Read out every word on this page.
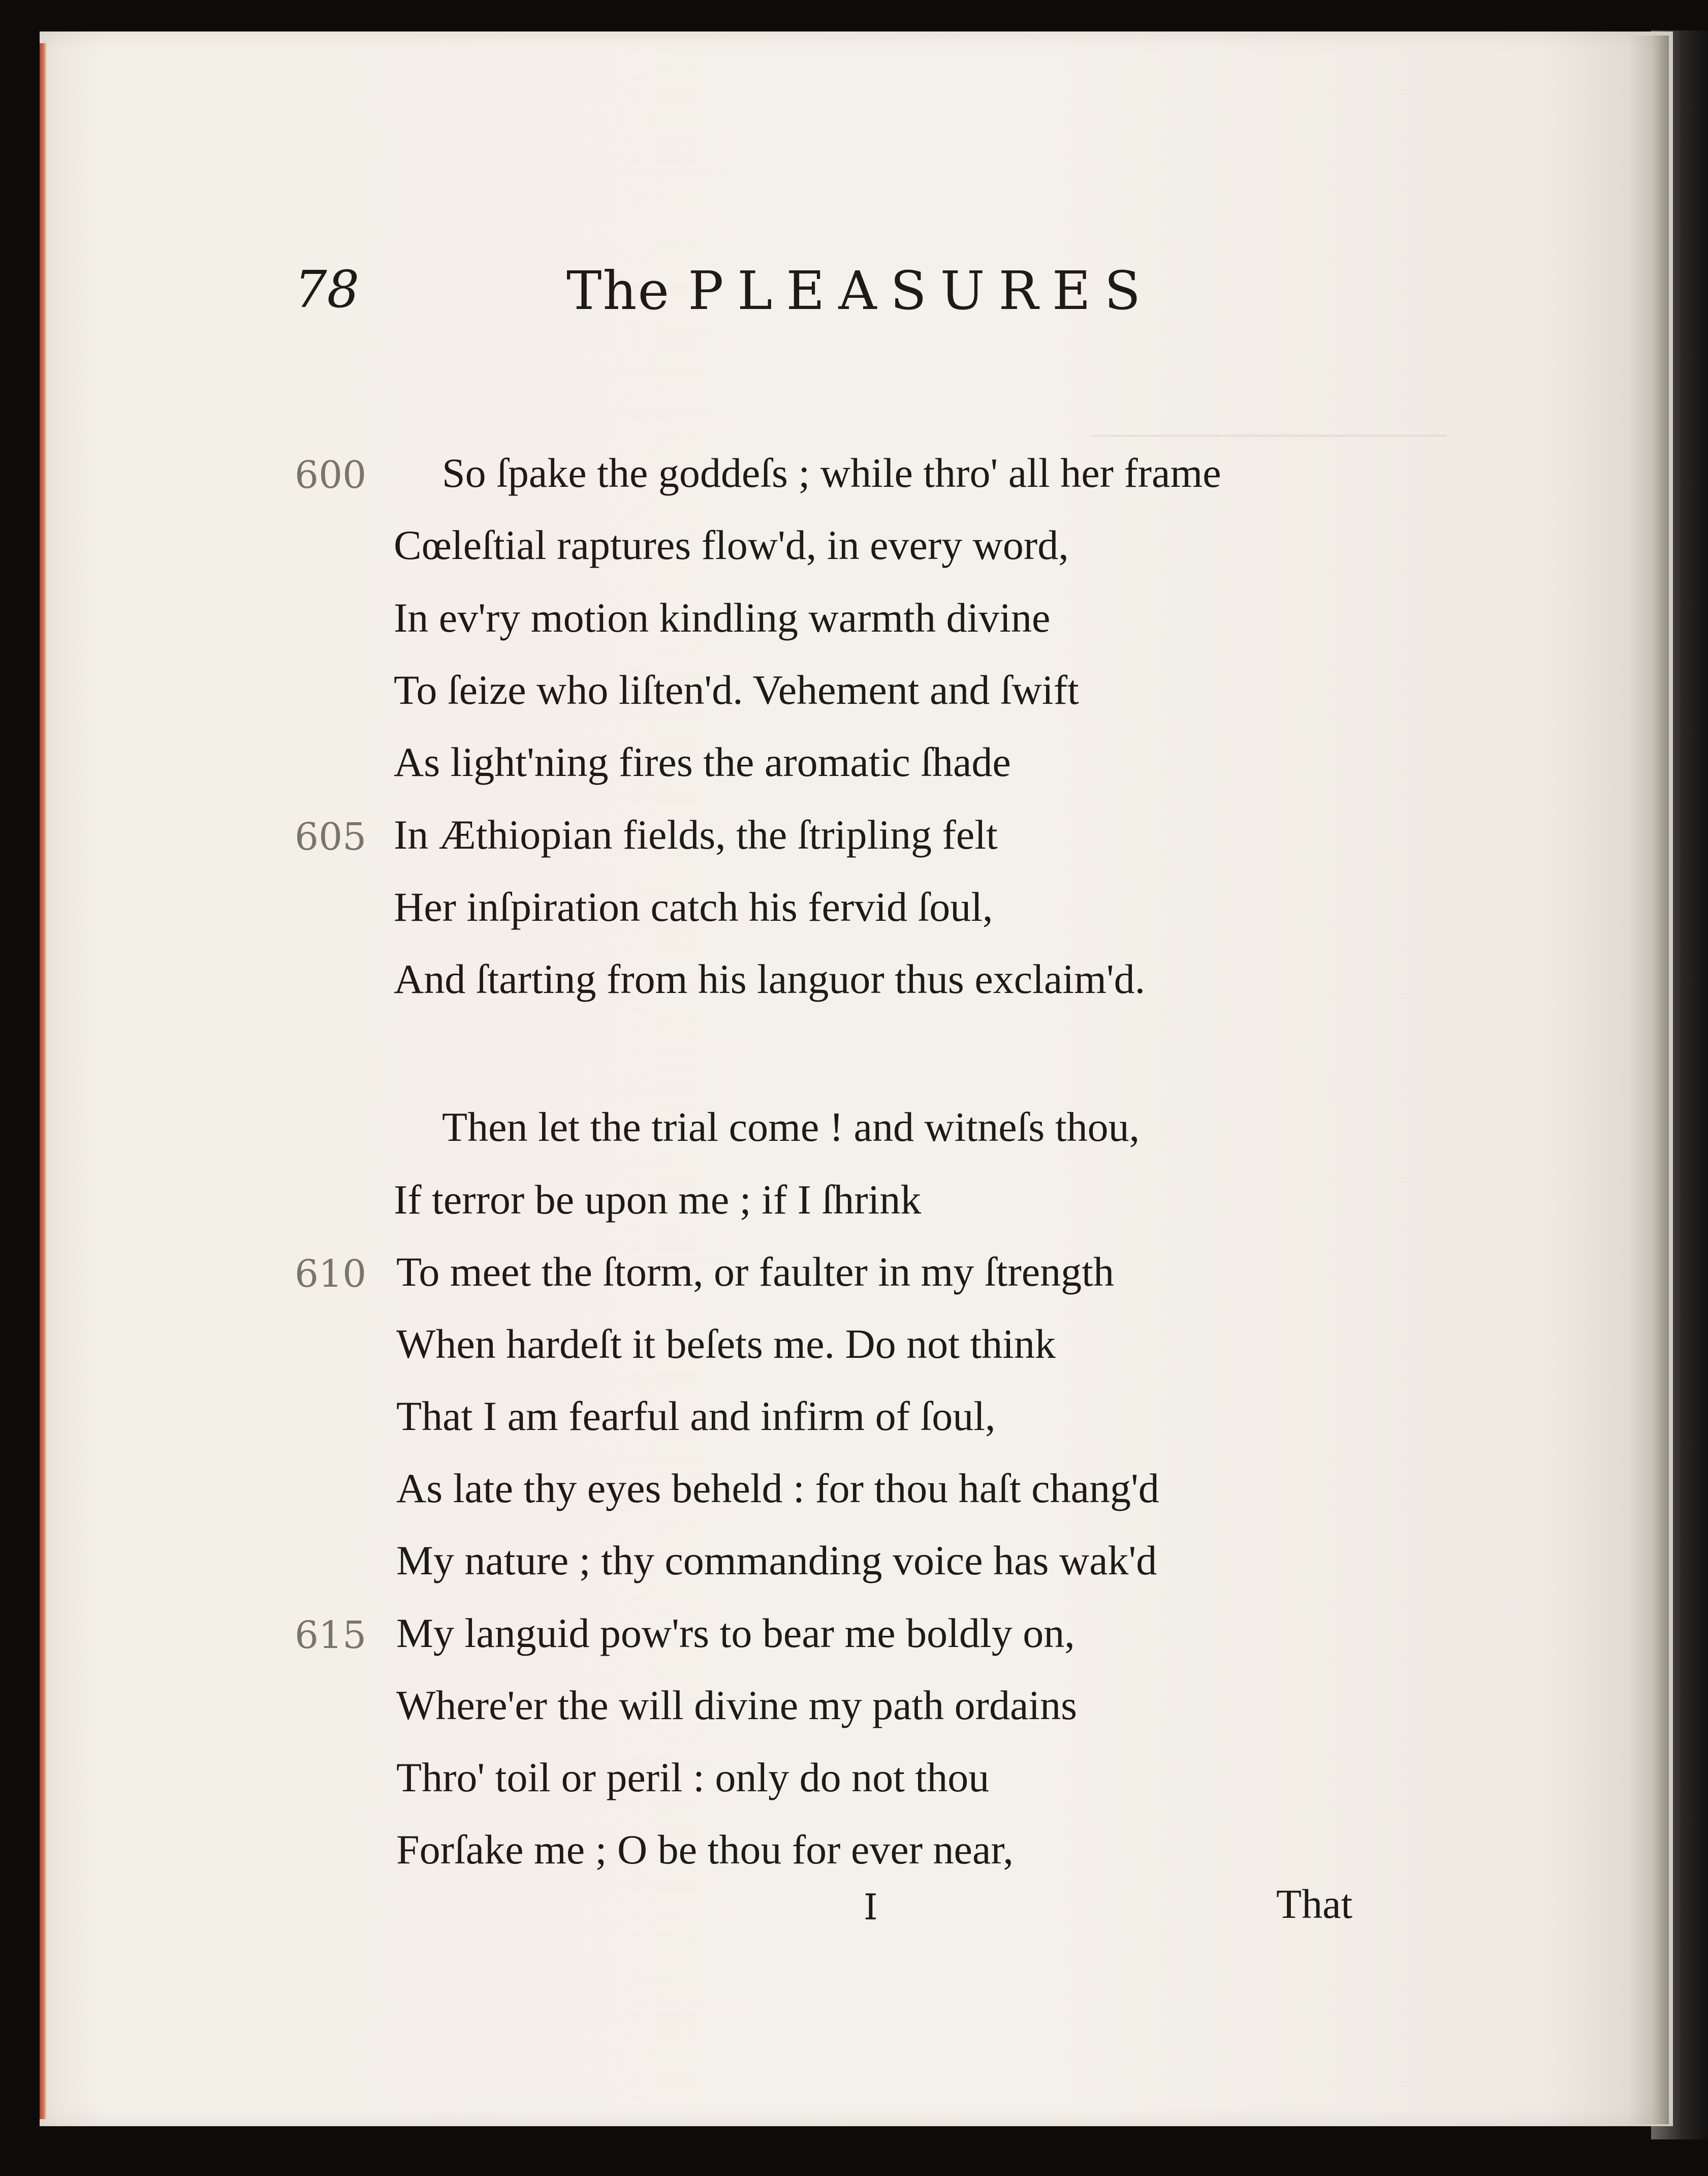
_________________
78	The PLEASURES
600 So ſpake the goddeſs ; while thro' all her frame
Cœleſtial raptures flow'd, in every word,
In ev'ry motion kindling warmth divine
To ſeize who liſten'd. Vehement and ſwift
As light'ning fires the aromatic ſhade
605 In Æthiopian fields, the ſtripling felt
Her inſpiration catch his fervid ſoul,
And ſtarting from his languor thus exclaim'd.
Then let the trial come ! and witneſs thou,
If terror be upon me ; if I ſhrink
610 To meet the ſtorm, or faulter in my ſtrength
When hardeſt it beſets me. Do not think
That I am fearful and infirm of ſoul,
As late thy eyes beheld : for thou haſt chang'd
My nature ; thy commanding voice has wak'd
615 My languid pow'rs to bear me boldly on,
Where'er the will divine my path ordains
Thro' toil or peril : only do not thou
Forſake me ; O be thou for ever near,
I	That
